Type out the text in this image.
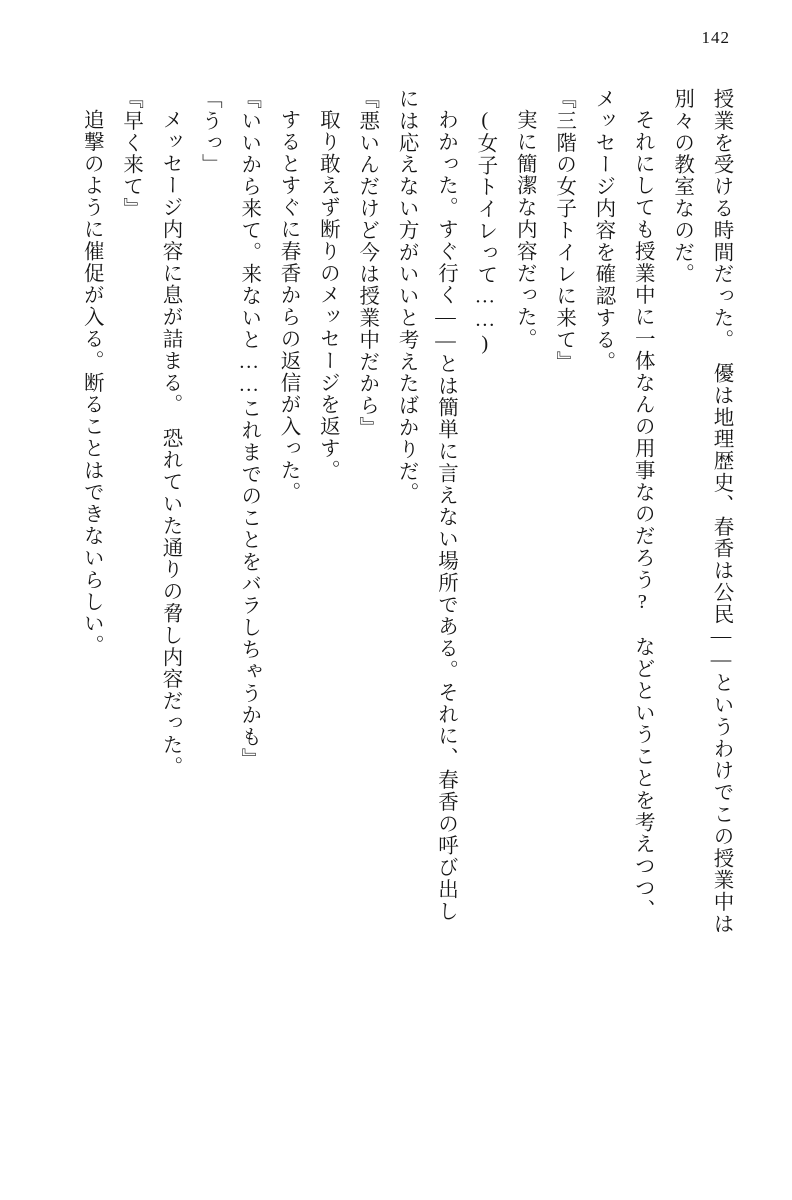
142

授業を受ける時間だった。　優は地理歴史、春香は公民——というわけでこの授業中は

別々の教室なのだ。

それにしても授業中に一体なんの用事なのだろう?　などということを考えつつ、

メッセージ内容を確認する。

『三階の女子トイレに来て』

実に簡潔な内容だった。

(女子トイレって……)

わかった。すぐ行く——とは簡単に言えない場所である。それに、春香の呼び出し

には応えない方がいいと考えたばかりだ。

『悪いんだけど今は授業中だから』

取り敢えず断りのメッセージを返す。

するとすぐに春香からの返信が入った。

『いいから来て。来ないと……これまでのことをバラしちゃうかも』

「うっ」

メッセージ内容に息が詰まる。　恐れていた通りの脅し内容だった。

『早く来て』

追撃のように催促が入る。断ることはできないらしい。
